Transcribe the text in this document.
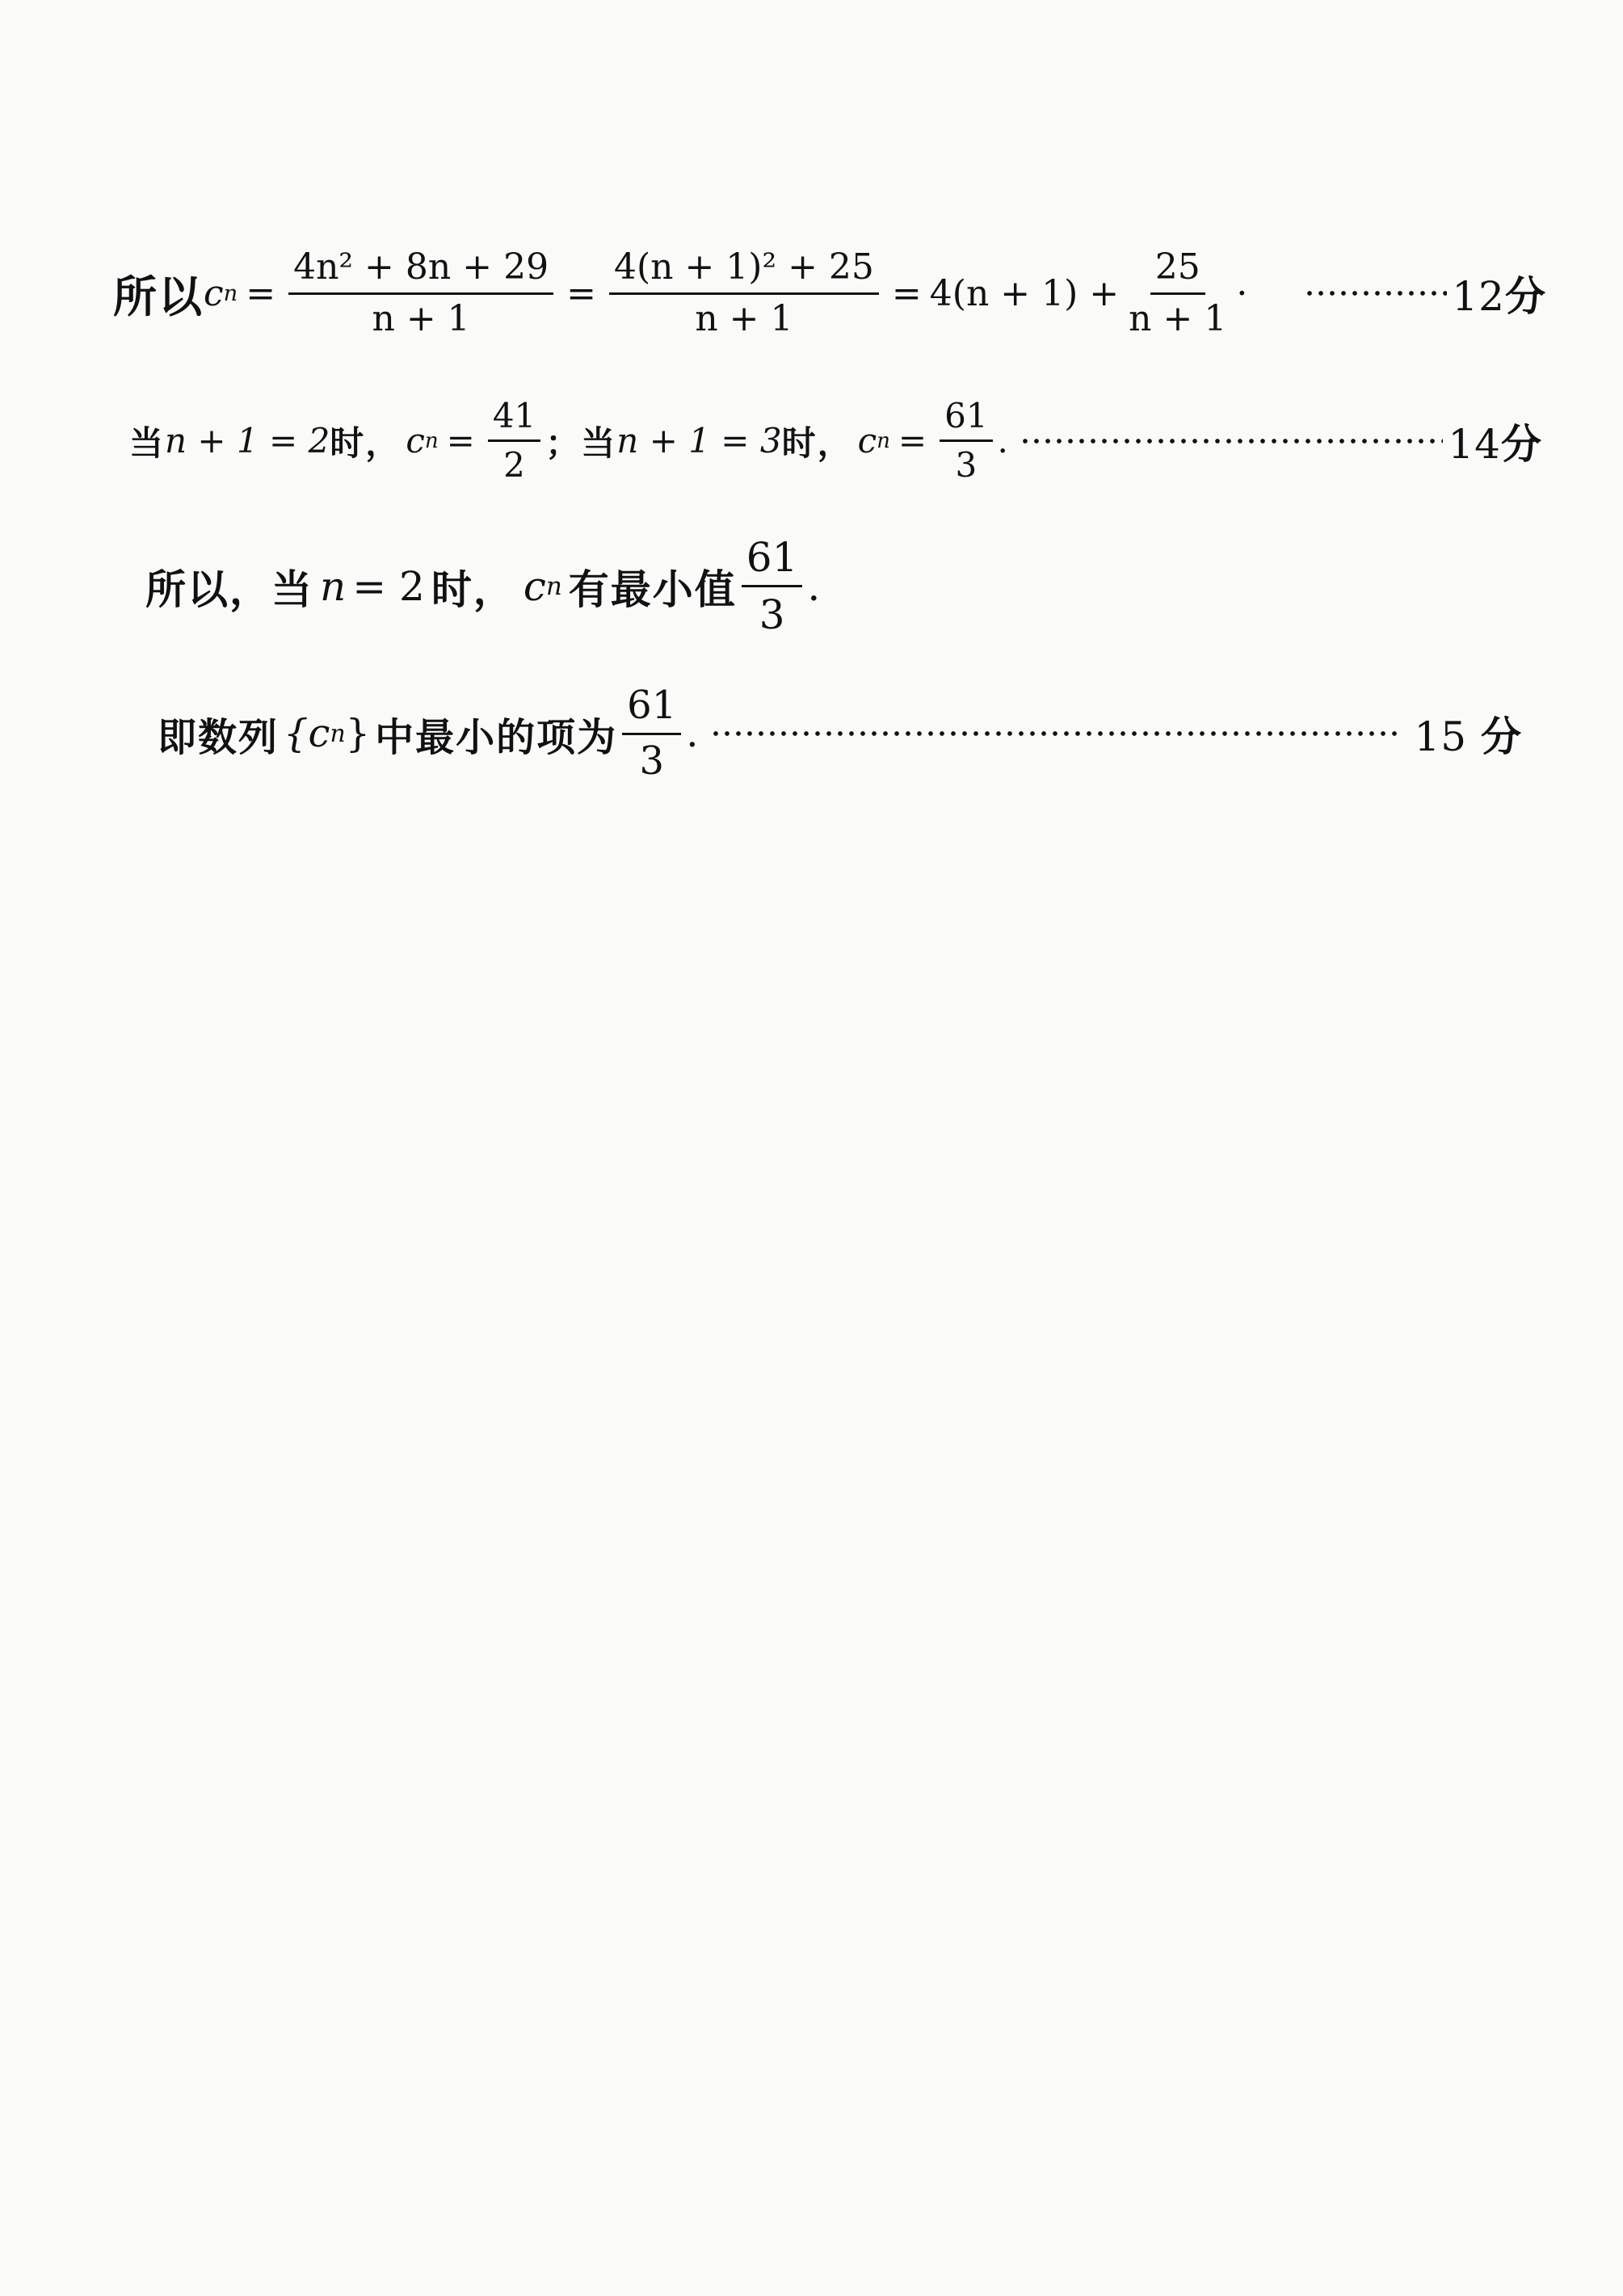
所以 c $n = \frac{\text{4n² + 8n + 29}}{n + 1} = \frac{\text{4(n + 1)² + 25}}{n + 1} = 4(n + 1) + \frac{25}{n + 1}$ ·	12分
当 n + 1 = 2 时， c $n = \frac{41}{2}$ ； 当 n + 1 = 3 时， c $n = \frac{61}{3}$ .	14分
所以，当 n = 2 时， c n 有最小值 $\frac{61}{3}$ .
即数列 {c n } 中最小的项为 $\frac{61}{3}$ .	15 分
